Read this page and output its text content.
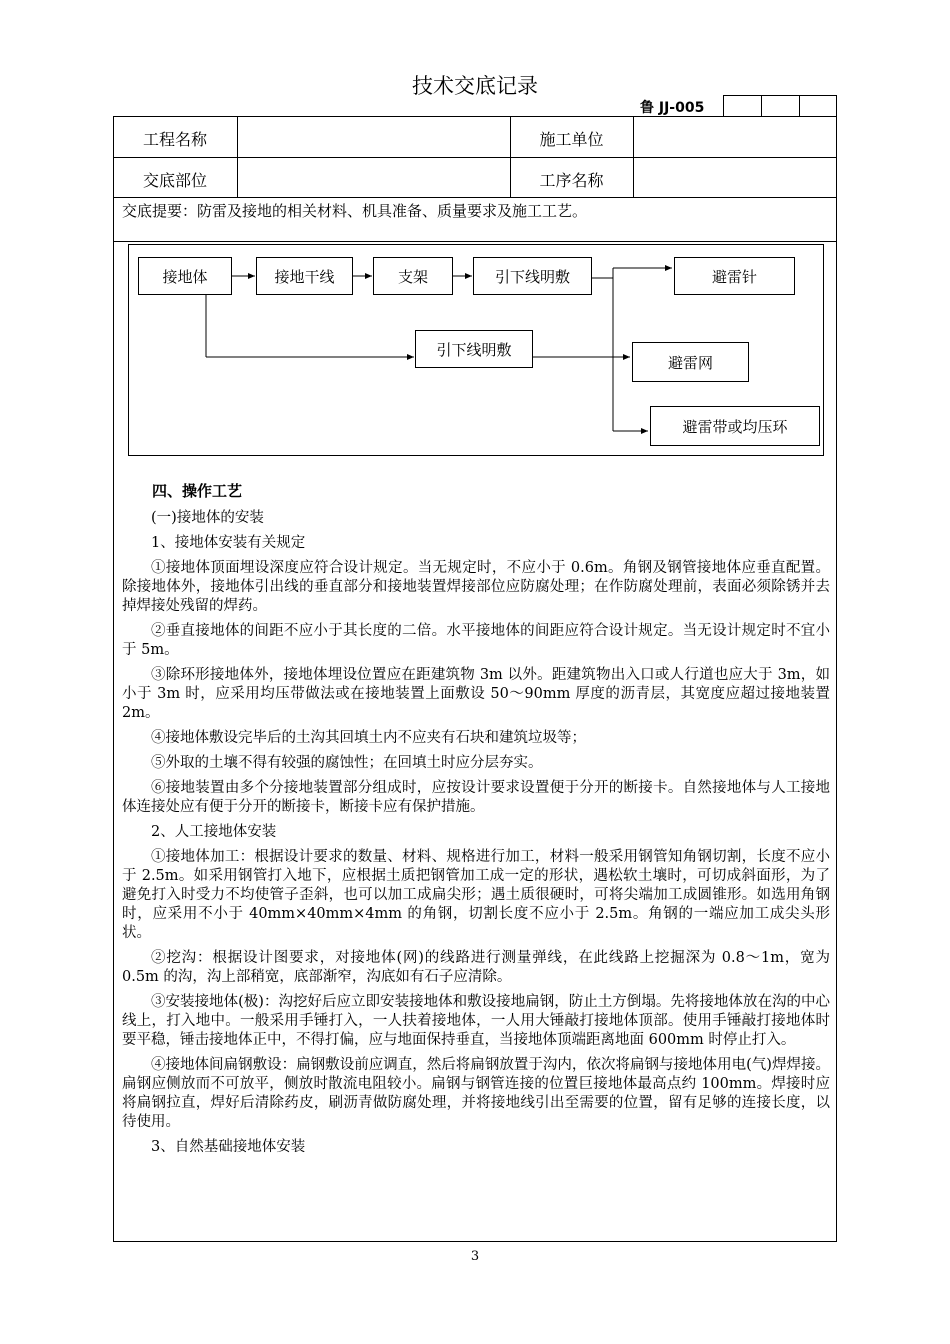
技术交底记录
鲁 JJ-005
工程名称	施工单位
交底部位	工序名称
交底提要：防雷及接地的相关材料、机具准备、质量要求及施工工艺。
接地体	接地干线	支架	引下线明敷	避雷针
引下线明敷
避雷网
避雷带或均压环

四、操作工艺

(一)接地体的安装

1、接地体安装有关规定

①接地体顶面埋设深度应符合设计规定。当无规定时，不应小于 0.6m。角钢及钢管接地体应垂直配置。除接地体外，接地体引出线的垂直部分和接地装置焊接部位应防腐处理；在作防腐处理前，表面必须除锈并去掉焊接处残留的焊药。

②垂直接地体的间距不应小于其长度的二倍。水平接地体的间距应符合设计规定。当无设计规定时不宜小于 5m。

③除环形接地体外，接地体埋设位置应在距建筑物 3m 以外。距建筑物出入口或人行道也应大于 3m，如小于 3m 时，应采用均压带做法或在接地装置上面敷设 50～90mm 厚度的沥青层，其宽度应超过接地装置 2m。

④接地体敷设完毕后的土沟其回填土内不应夹有石块和建筑垃圾等；

⑤外取的土壤不得有较强的腐蚀性；在回填土时应分层夯实。

⑥接地装置由多个分接地装置部分组成时，应按设计要求设置便于分开的断接卡。自然接地体与人工接地体连接处应有便于分开的断接卡，断接卡应有保护措施。

2、人工接地体安装

①接地体加工：根据设计要求的数量、材料、规格进行加工，材料一般采用钢管知角钢切割，长度不应小于 2.5m。如采用钢管打入地下，应根据土质把钢管加工成一定的形状，遇松软土壤时，可切成斜面形，为了避免打入时受力不均使管子歪斜，也可以加工成扁尖形；遇土质很硬时，可将尖端加工成圆锥形。如选用角钢时，应采用不小于 40mm×40mm×4mm 的角钢，切割长度不应小于 2.5m。角钢的一端应加工成尖头形状。

②挖沟：根据设计图要求，对接地体(网)的线路进行测量弹线，在此线路上挖掘深为 0.8～1m，宽为 0.5m 的沟，沟上部稍宽，底部渐窄，沟底如有石子应清除。

③安装接地体(极)：沟挖好后应立即安装接地体和敷设接地扁钢，防止土方倒塌。先将接地体放在沟的中心线上，打入地中。一般采用手锤打入，一人扶着接地体，一人用大锤敲打接地体顶部。使用手锤敲打接地体时要平稳，锤击接地体正中，不得打偏，应与地面保持垂直，当接地体顶端距离地面 600mm 时停止打入。

④接地体间扁钢敷设：扁钢敷设前应调直，然后将扁钢放置于沟内，依次将扁钢与接地体用电(气)焊焊接。扁钢应侧放而不可放平，侧放时散流电阻较小。扁钢与钢管连接的位置巨接地体最高点约 100mm。焊接时应将扁钢拉直，焊好后清除药皮，刷沥青做防腐处理，并将接地线引出至需要的位置，留有足够的连接长度，以待使用。

3、自然基础接地体安装

3
